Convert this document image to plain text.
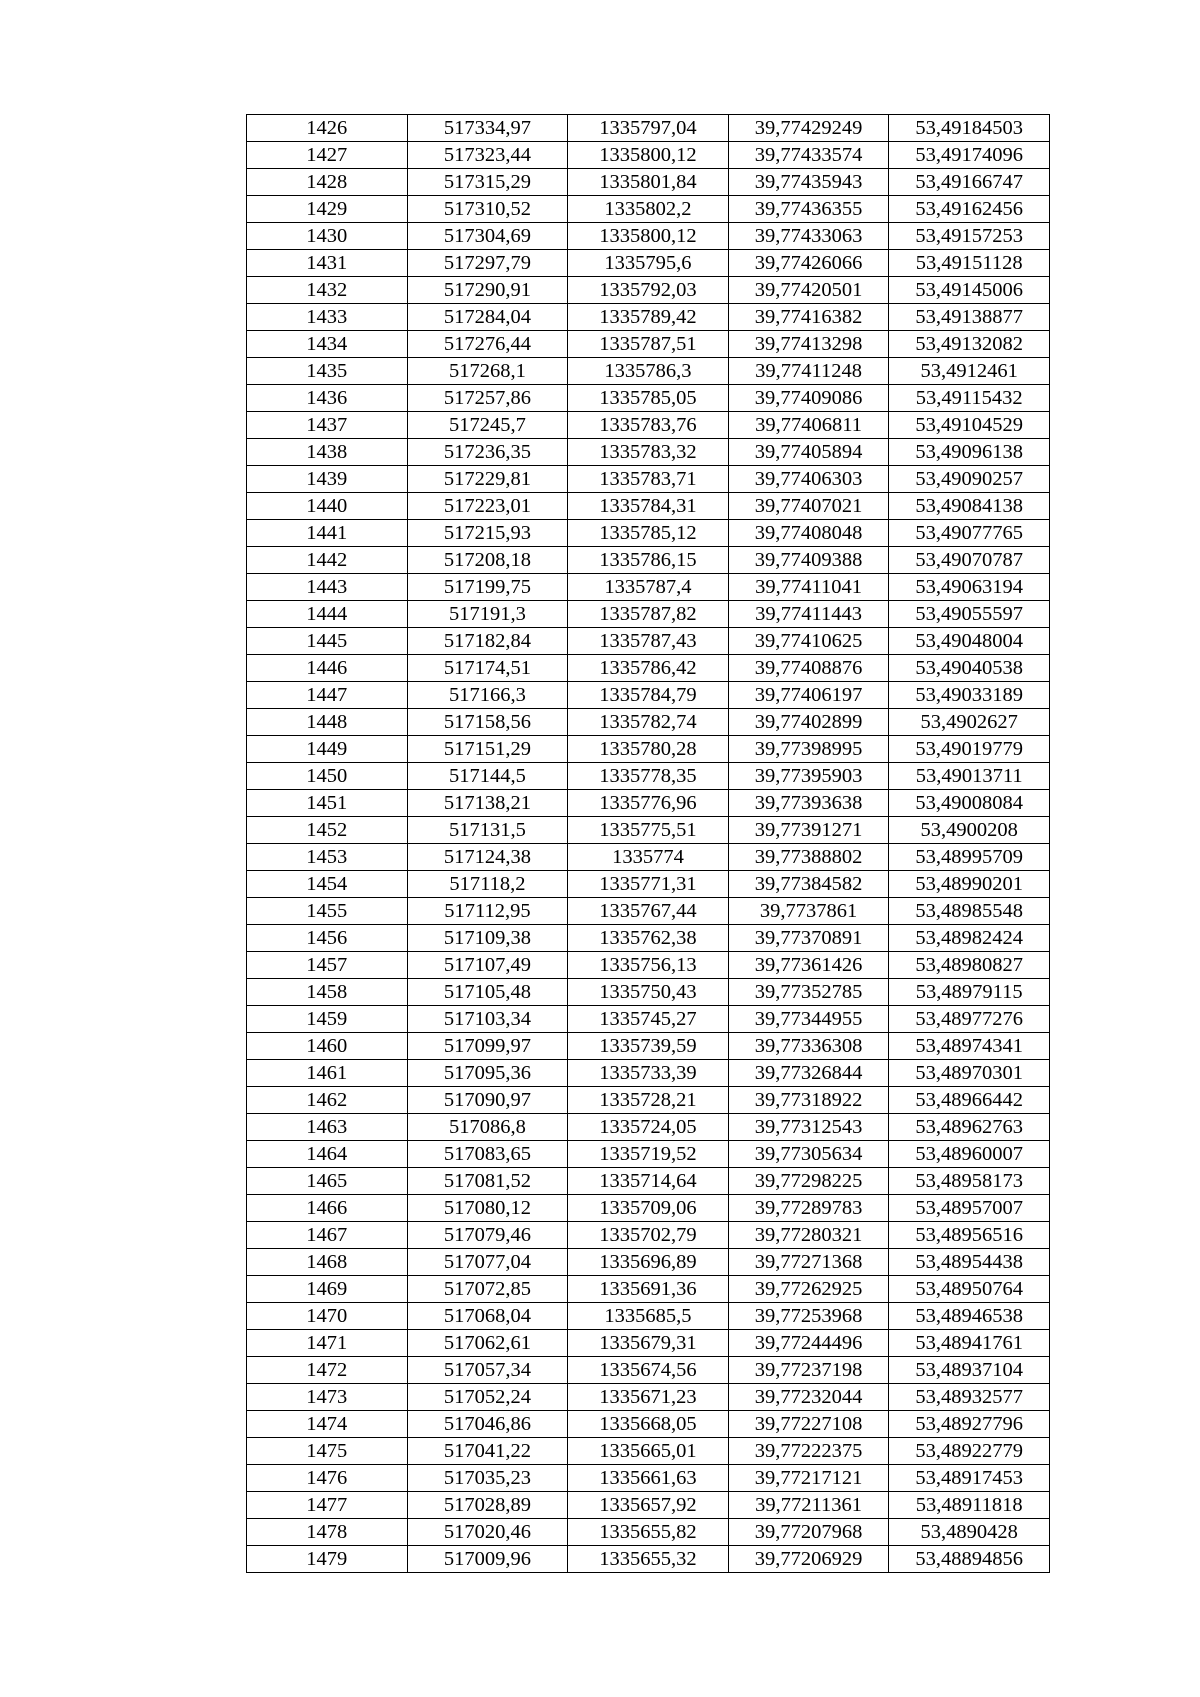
1426	517334,97	1335797,04	39,77429249	53,49184503
1427	517323,44	1335800,12	39,77433574	53,49174096
1428	517315,29	1335801,84	39,77435943	53,49166747
1429	517310,52	1335802,2	39,77436355	53,49162456
1430	517304,69	1335800,12	39,77433063	53,49157253
1431	517297,79	1335795,6	39,77426066	53,49151128
1432	517290,91	1335792,03	39,77420501	53,49145006
1433	517284,04	1335789,42	39,77416382	53,49138877
1434	517276,44	1335787,51	39,77413298	53,49132082
1435	517268,1	1335786,3	39,77411248	53,4912461
1436	517257,86	1335785,05	39,77409086	53,49115432
1437	517245,7	1335783,76	39,77406811	53,49104529
1438	517236,35	1335783,32	39,77405894	53,49096138
1439	517229,81	1335783,71	39,77406303	53,49090257
1440	517223,01	1335784,31	39,77407021	53,49084138
1441	517215,93	1335785,12	39,77408048	53,49077765
1442	517208,18	1335786,15	39,77409388	53,49070787
1443	517199,75	1335787,4	39,77411041	53,49063194
1444	517191,3	1335787,82	39,77411443	53,49055597
1445	517182,84	1335787,43	39,77410625	53,49048004
1446	517174,51	1335786,42	39,77408876	53,49040538
1447	517166,3	1335784,79	39,77406197	53,49033189
1448	517158,56	1335782,74	39,77402899	53,4902627
1449	517151,29	1335780,28	39,77398995	53,49019779
1450	517144,5	1335778,35	39,77395903	53,49013711
1451	517138,21	1335776,96	39,77393638	53,49008084
1452	517131,5	1335775,51	39,77391271	53,4900208
1453	517124,38	1335774	39,77388802	53,48995709
1454	517118,2	1335771,31	39,77384582	53,48990201
1455	517112,95	1335767,44	39,7737861	53,48985548
1456	517109,38	1335762,38	39,77370891	53,48982424
1457	517107,49	1335756,13	39,77361426	53,48980827
1458	517105,48	1335750,43	39,77352785	53,48979115
1459	517103,34	1335745,27	39,77344955	53,48977276
1460	517099,97	1335739,59	39,77336308	53,48974341
1461	517095,36	1335733,39	39,77326844	53,48970301
1462	517090,97	1335728,21	39,77318922	53,48966442
1463	517086,8	1335724,05	39,77312543	53,48962763
1464	517083,65	1335719,52	39,77305634	53,48960007
1465	517081,52	1335714,64	39,77298225	53,48958173
1466	517080,12	1335709,06	39,77289783	53,48957007
1467	517079,46	1335702,79	39,77280321	53,48956516
1468	517077,04	1335696,89	39,77271368	53,48954438
1469	517072,85	1335691,36	39,77262925	53,48950764
1470	517068,04	1335685,5	39,77253968	53,48946538
1471	517062,61	1335679,31	39,77244496	53,48941761
1472	517057,34	1335674,56	39,77237198	53,48937104
1473	517052,24	1335671,23	39,77232044	53,48932577
1474	517046,86	1335668,05	39,77227108	53,48927796
1475	517041,22	1335665,01	39,77222375	53,48922779
1476	517035,23	1335661,63	39,77217121	53,48917453
1477	517028,89	1335657,92	39,77211361	53,48911818
1478	517020,46	1335655,82	39,77207968	53,4890428
1479	517009,96	1335655,32	39,77206929	53,48894856
